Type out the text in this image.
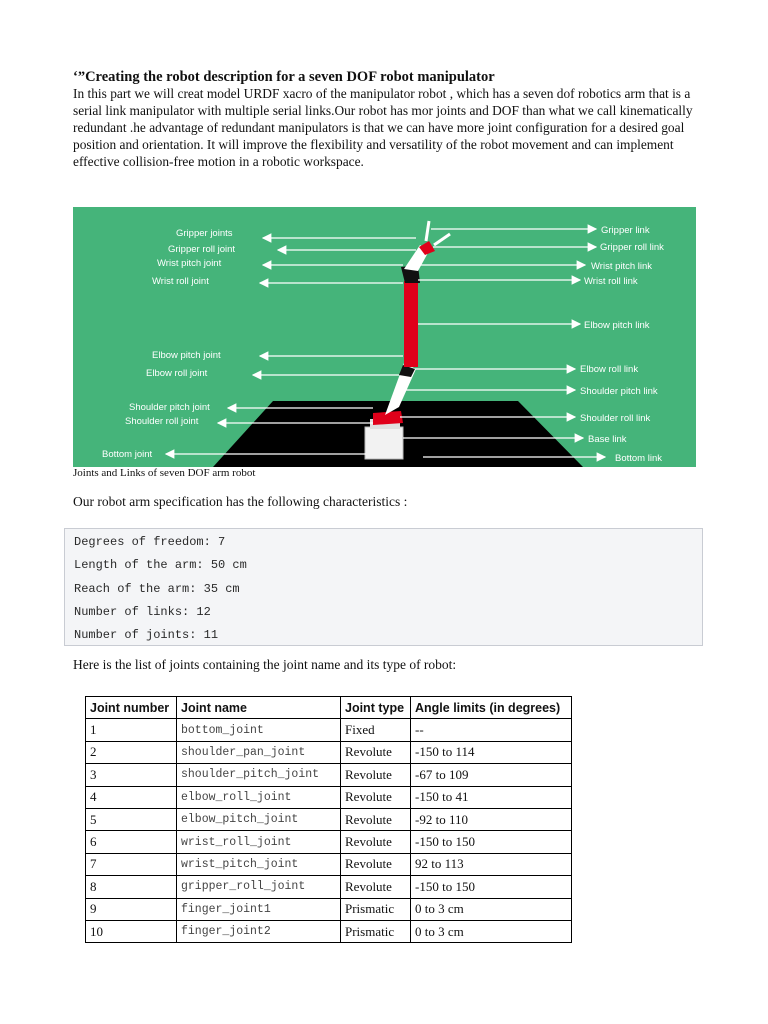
‘”Creating the robot description for a seven DOF robot manipulator

In this part we will creat model URDF xacro of the manipulator robot , which has a seven dof robotics arm that is a serial link manipulator with multiple serial links.Our robot has mor joints and DOF than what we call kinematically redundant .he advantage of redundant manipulators is that we can have more joint configuration for a desired goal position and orientation. It will improve the flexibility and versatility of the robot movement and can implement effective collision-free motion in a robotic workspace.

Gripper joints
Gripper roll joint
Wrist pitch joint
Wrist roll joint
Elbow pitch joint
Elbow roll joint
Shoulder pitch joint
Shoulder roll joint
Bottom joint
Gripper link
Gripper roll link
Wrist pitch link
Wrist roll link
Elbow pitch link
Elbow roll link
Shoulder pitch link
Shoulder roll link
Base link
Bottom link
Joints and Links of seven DOF arm robot
Our robot arm specification has the following characteristics :
Degrees of freedom: 7
Length of the arm: 50 cm
Reach of the arm: 35 cm
Number of links: 12
Number of joints: 11
Here is the list of joints containing the joint name and its type of robot:
Joint number	Joint name	Joint type	Angle limits (in degrees)
1	bottom_joint	Fixed	--
2	shoulder_pan_joint	Revolute	-150 to 114
3	shoulder_pitch_joint	Revolute	-67 to 109
4	elbow_roll_joint	Revolute	-150 to 41
5	elbow_pitch_joint	Revolute	-92 to 110
6	wrist_roll_joint	Revolute	-150 to 150
7	wrist_pitch_joint	Revolute	92 to 113
8	gripper_roll_joint	Revolute	-150 to 150
9	finger_joint1	Prismatic	0 to 3 cm
10	finger_joint2	Prismatic	0 to 3 cm
